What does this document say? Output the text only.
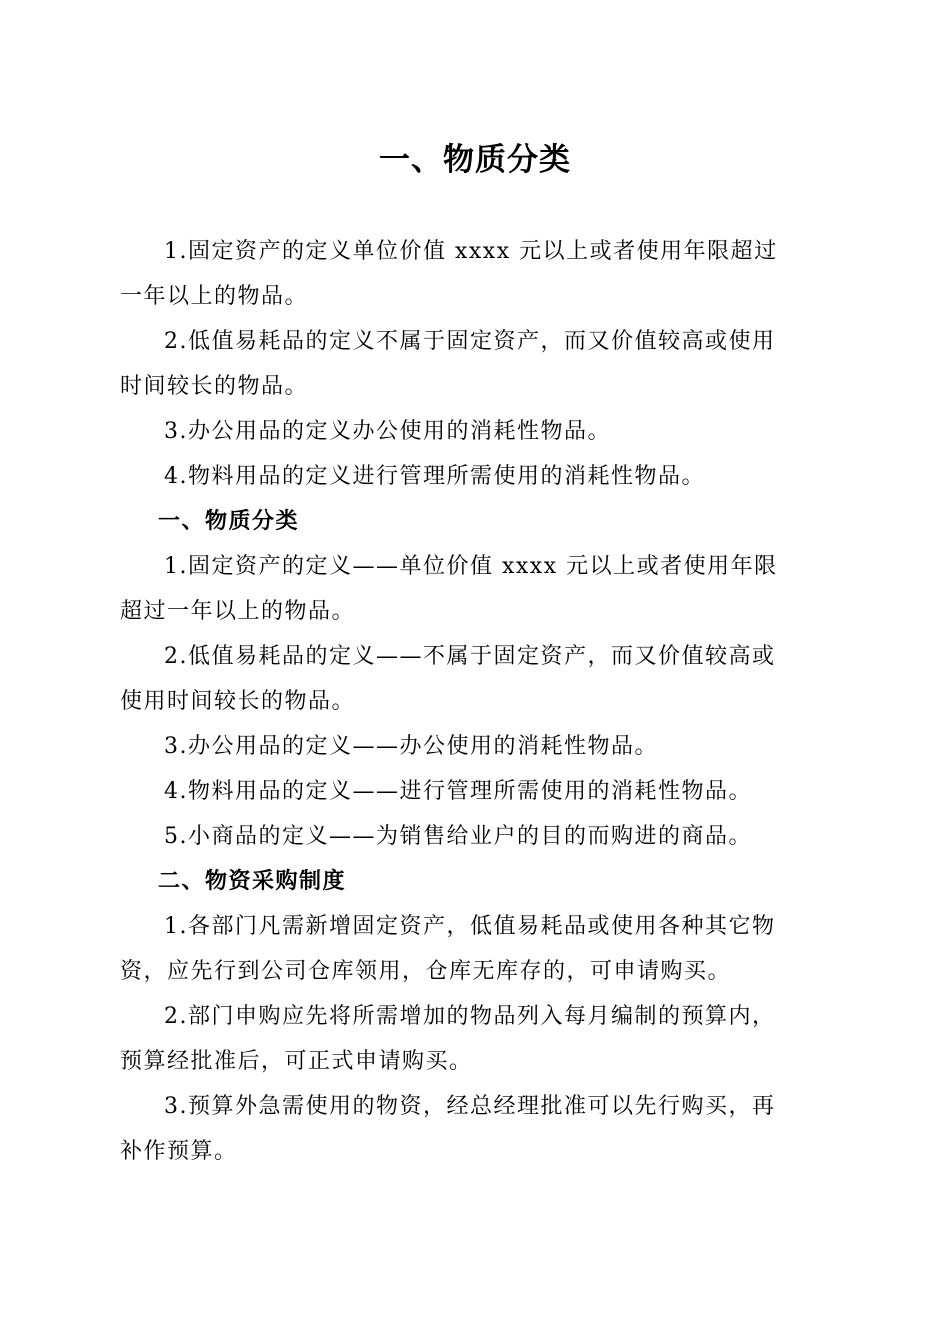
一、物质分类

1.固定资产的定义单位价值 xxxx 元以上或者使用年限超过
一年以上的物品。

2.低值易耗品的定义不属于固定资产，而又价值较高或使用
时间较长的物品。

3.办公用品的定义办公使用的消耗性物品。

4.物料用品的定义进行管理所需使用的消耗性物品。

一、物质分类

1.固定资产的定义——单位价值 xxxx 元以上或者使用年限
超过一年以上的物品。

2.低值易耗品的定义——不属于固定资产，而又价值较高或
使用时间较长的物品。

3.办公用品的定义——办公使用的消耗性物品。

4.物料用品的定义——进行管理所需使用的消耗性物品。

5.小商品的定义——为销售给业户的目的而购进的商品。

二、物资采购制度

1.各部门凡需新增固定资产，低值易耗品或使用各种其它物
资，应先行到公司仓库领用，仓库无库存的，可申请购买。

2.部门申购应先将所需增加的物品列入每月编制的预算内，
预算经批准后，可正式申请购买。

3.预算外急需使用的物资，经总经理批准可以先行购买，再
补作预算。
